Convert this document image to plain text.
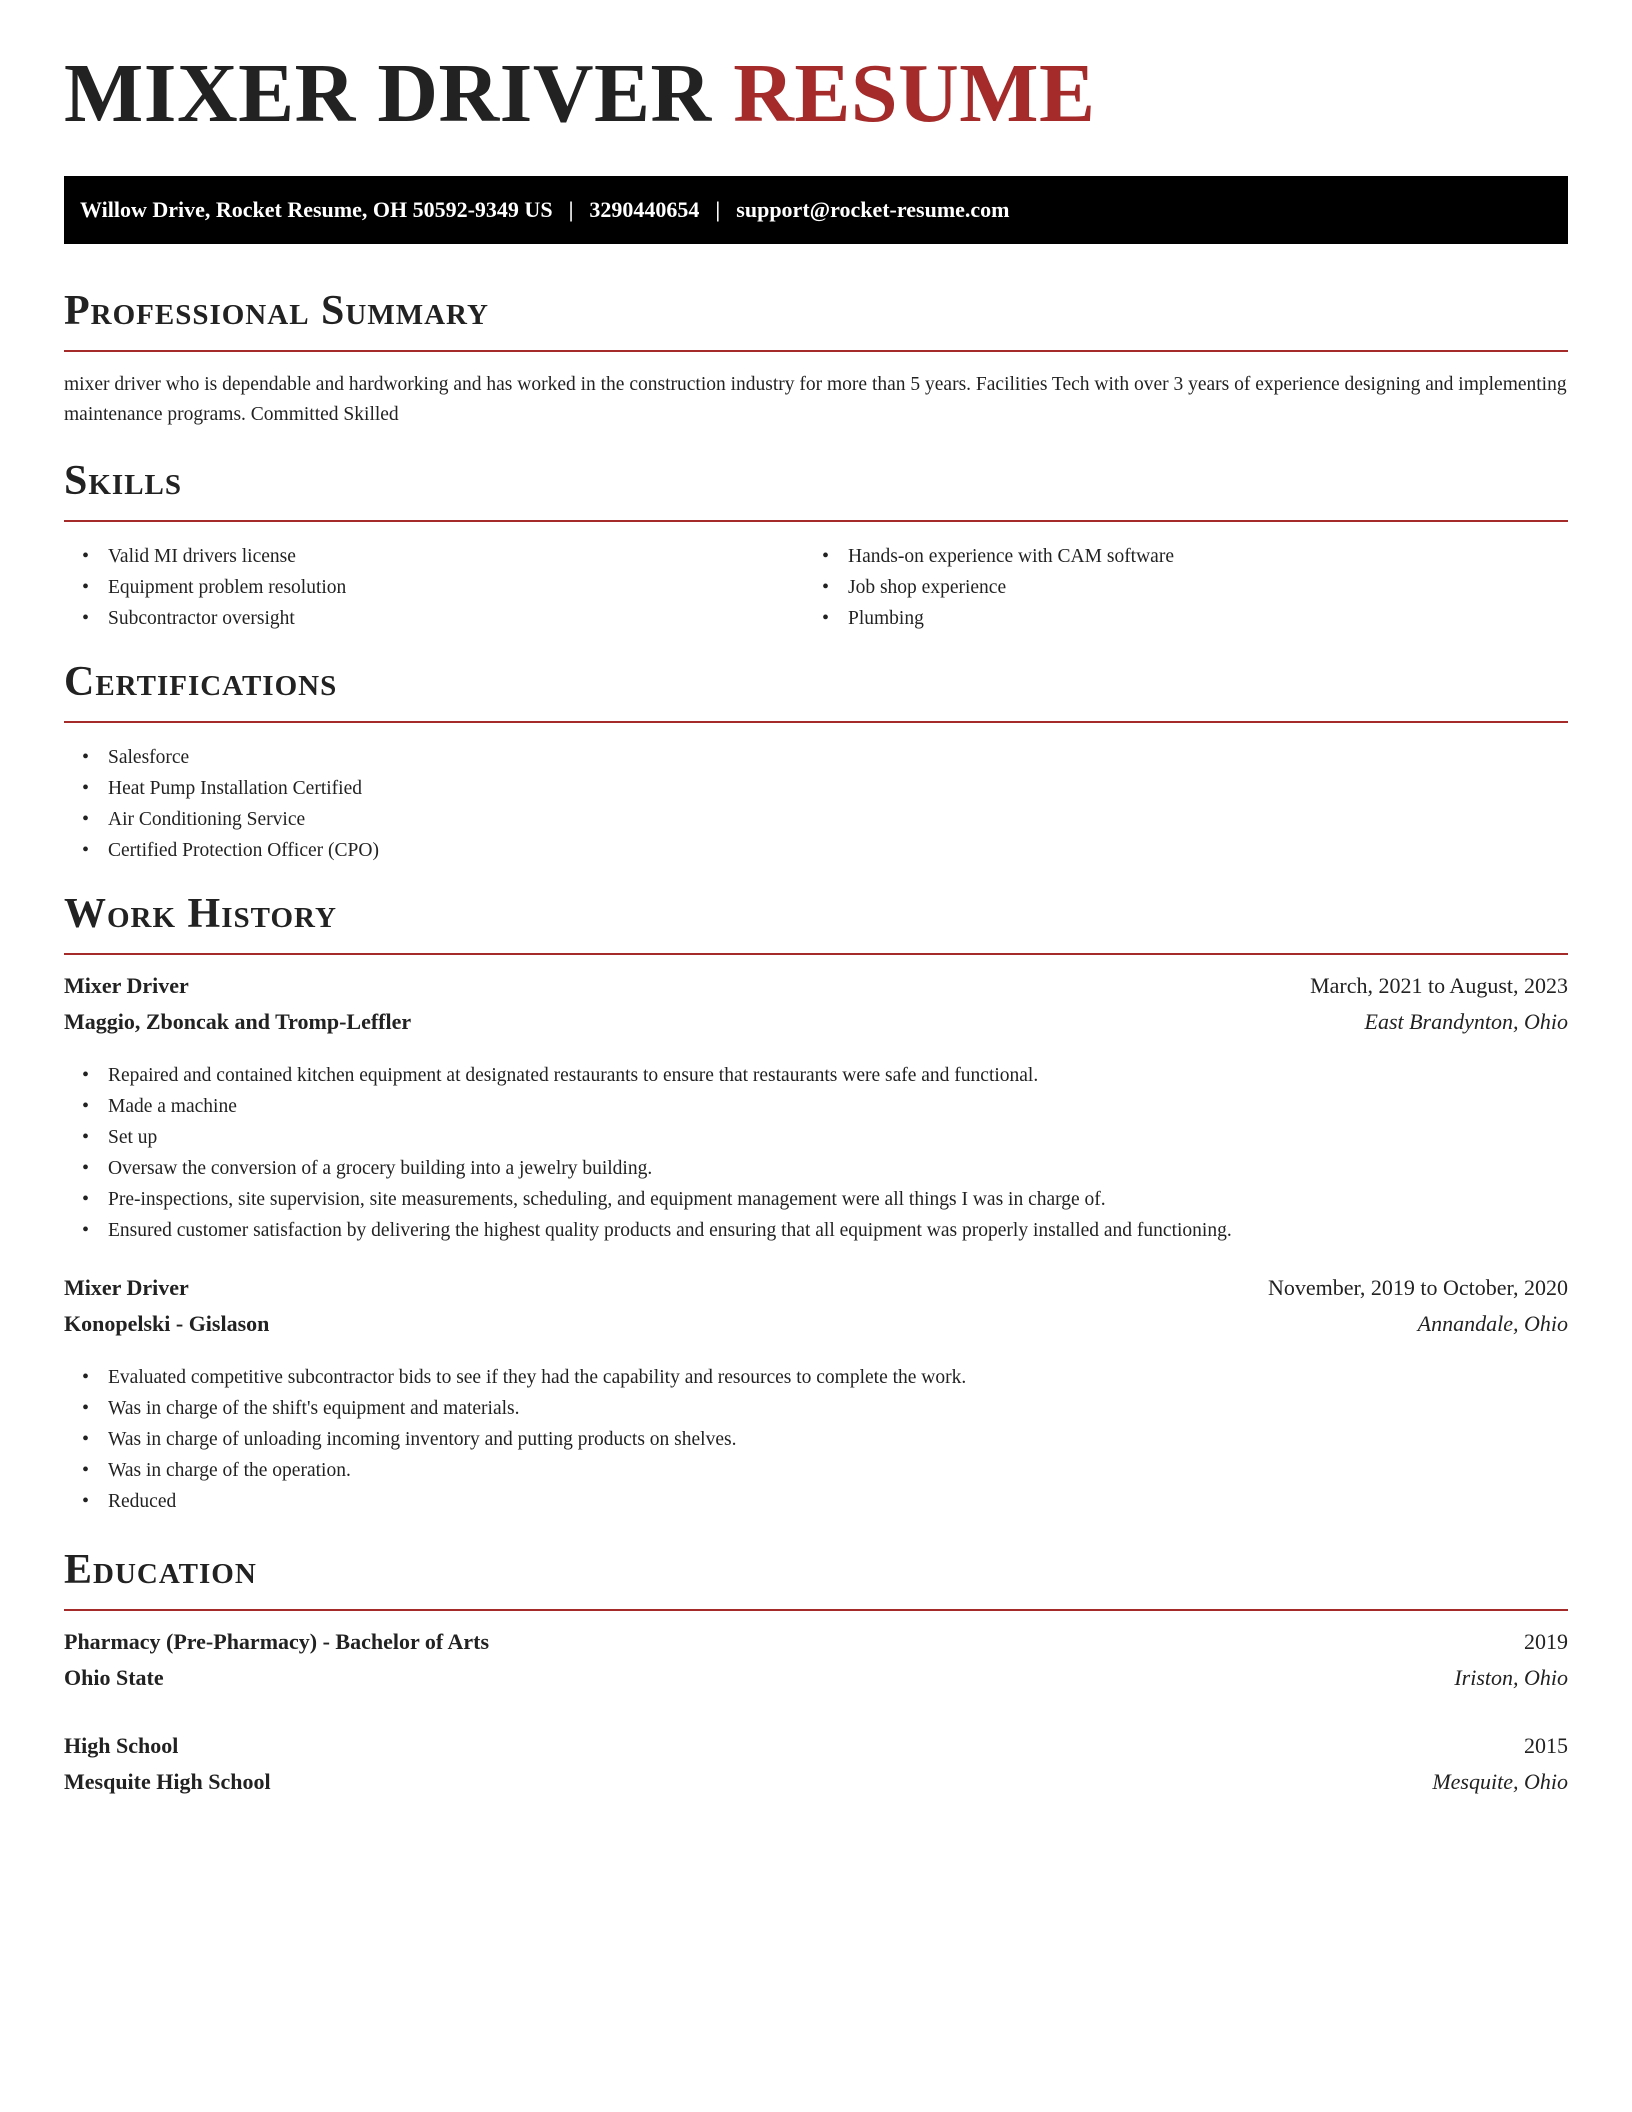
MIXER DRIVER RESUME
Willow Drive, Rocket Resume, OH 50592-9349 US | 3290440654 | support@rocket-resume.com
Professional Summary

mixer driver who is dependable and hardworking and has worked in the construction industry for more than 5 years. Facilities Tech with over 3 years of experience designing and implementing maintenance programs. Committed Skilled

Skills
• Valid MI drivers license
• Equipment problem resolution
• Subcontractor oversight
• Hands-on experience with CAM software
• Job shop experience
• Plumbing
Certifications
• Salesforce
• Heat Pump Installation Certified
• Air Conditioning Service
• Certified Protection Officer (CPO)
Work History
Mixer Driver	March, 2021 to August, 2023
Maggio, Zboncak and Tromp-Leffler	East Brandynton, Ohio
• Repaired and contained kitchen equipment at designated restaurants to ensure that restaurants were safe and functional.
• Made a machine
• Set up
• Oversaw the conversion of a grocery building into a jewelry building.
• Pre-inspections, site supervision, site measurements, scheduling, and equipment management were all things I was in charge of.
• Ensured customer satisfaction by delivering the highest quality products and ensuring that all equipment was properly installed and functioning.
Mixer Driver	November, 2019 to October, 2020
Konopelski - Gislason	Annandale, Ohio
• Evaluated competitive subcontractor bids to see if they had the capability and resources to complete the work.
• Was in charge of the shift's equipment and materials.
• Was in charge of unloading incoming inventory and putting products on shelves.
• Was in charge of the operation.
• Reduced
Education
Pharmacy (Pre-Pharmacy) - Bachelor of Arts	2019
Ohio State	Iriston, Ohio
High School	2015
Mesquite High School	Mesquite, Ohio
